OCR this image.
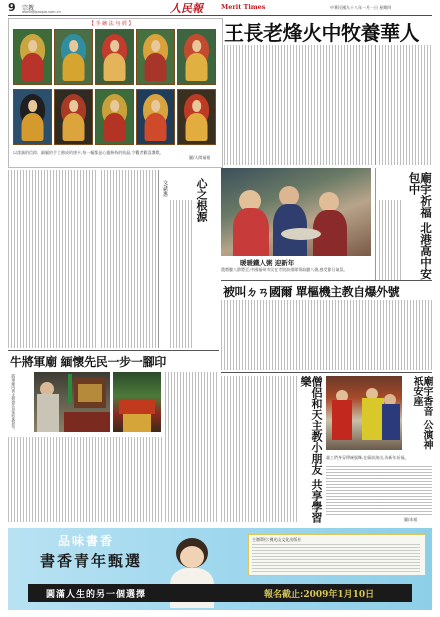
9 宗教
world@people.com.cn	人民報	Merit Times	中華民國九十八年一月一日 星期四
【 手 繪 法 句 經 】
以虔誠的信仰、細膩的手工繪成的唐卡,每一幅都是心靈修持的結晶,令觀者歡喜讚歎。
圖/人間福報
王長老烽火中牧養華人
心之根源
文/慈惠
暖暖鐵人粥 迎新年
農曆臘八節將至,中國福州市民在寺院前排隊領取臘八粥,感受節日氣氛。	廟宇祈福 北港高中安包中
被叫ㄉㄢ國爾 單樞機主教自爆外號
牛將軍廟 緬懷先民一步一腳印
將軍廟內香火鼎盛,信眾前來祭拜。	僧侶和天主教小朋友 共享學習樂	廟宇香音 公演神祇安座
義工們身穿傳統服飾,在廟前演出,為新年祈福。
圖/本報
品味書香
書香青年甄選
主辦單位:佛光山文化出版社
圓滿人生的另一個選擇	報名截止:2009年1月10日
